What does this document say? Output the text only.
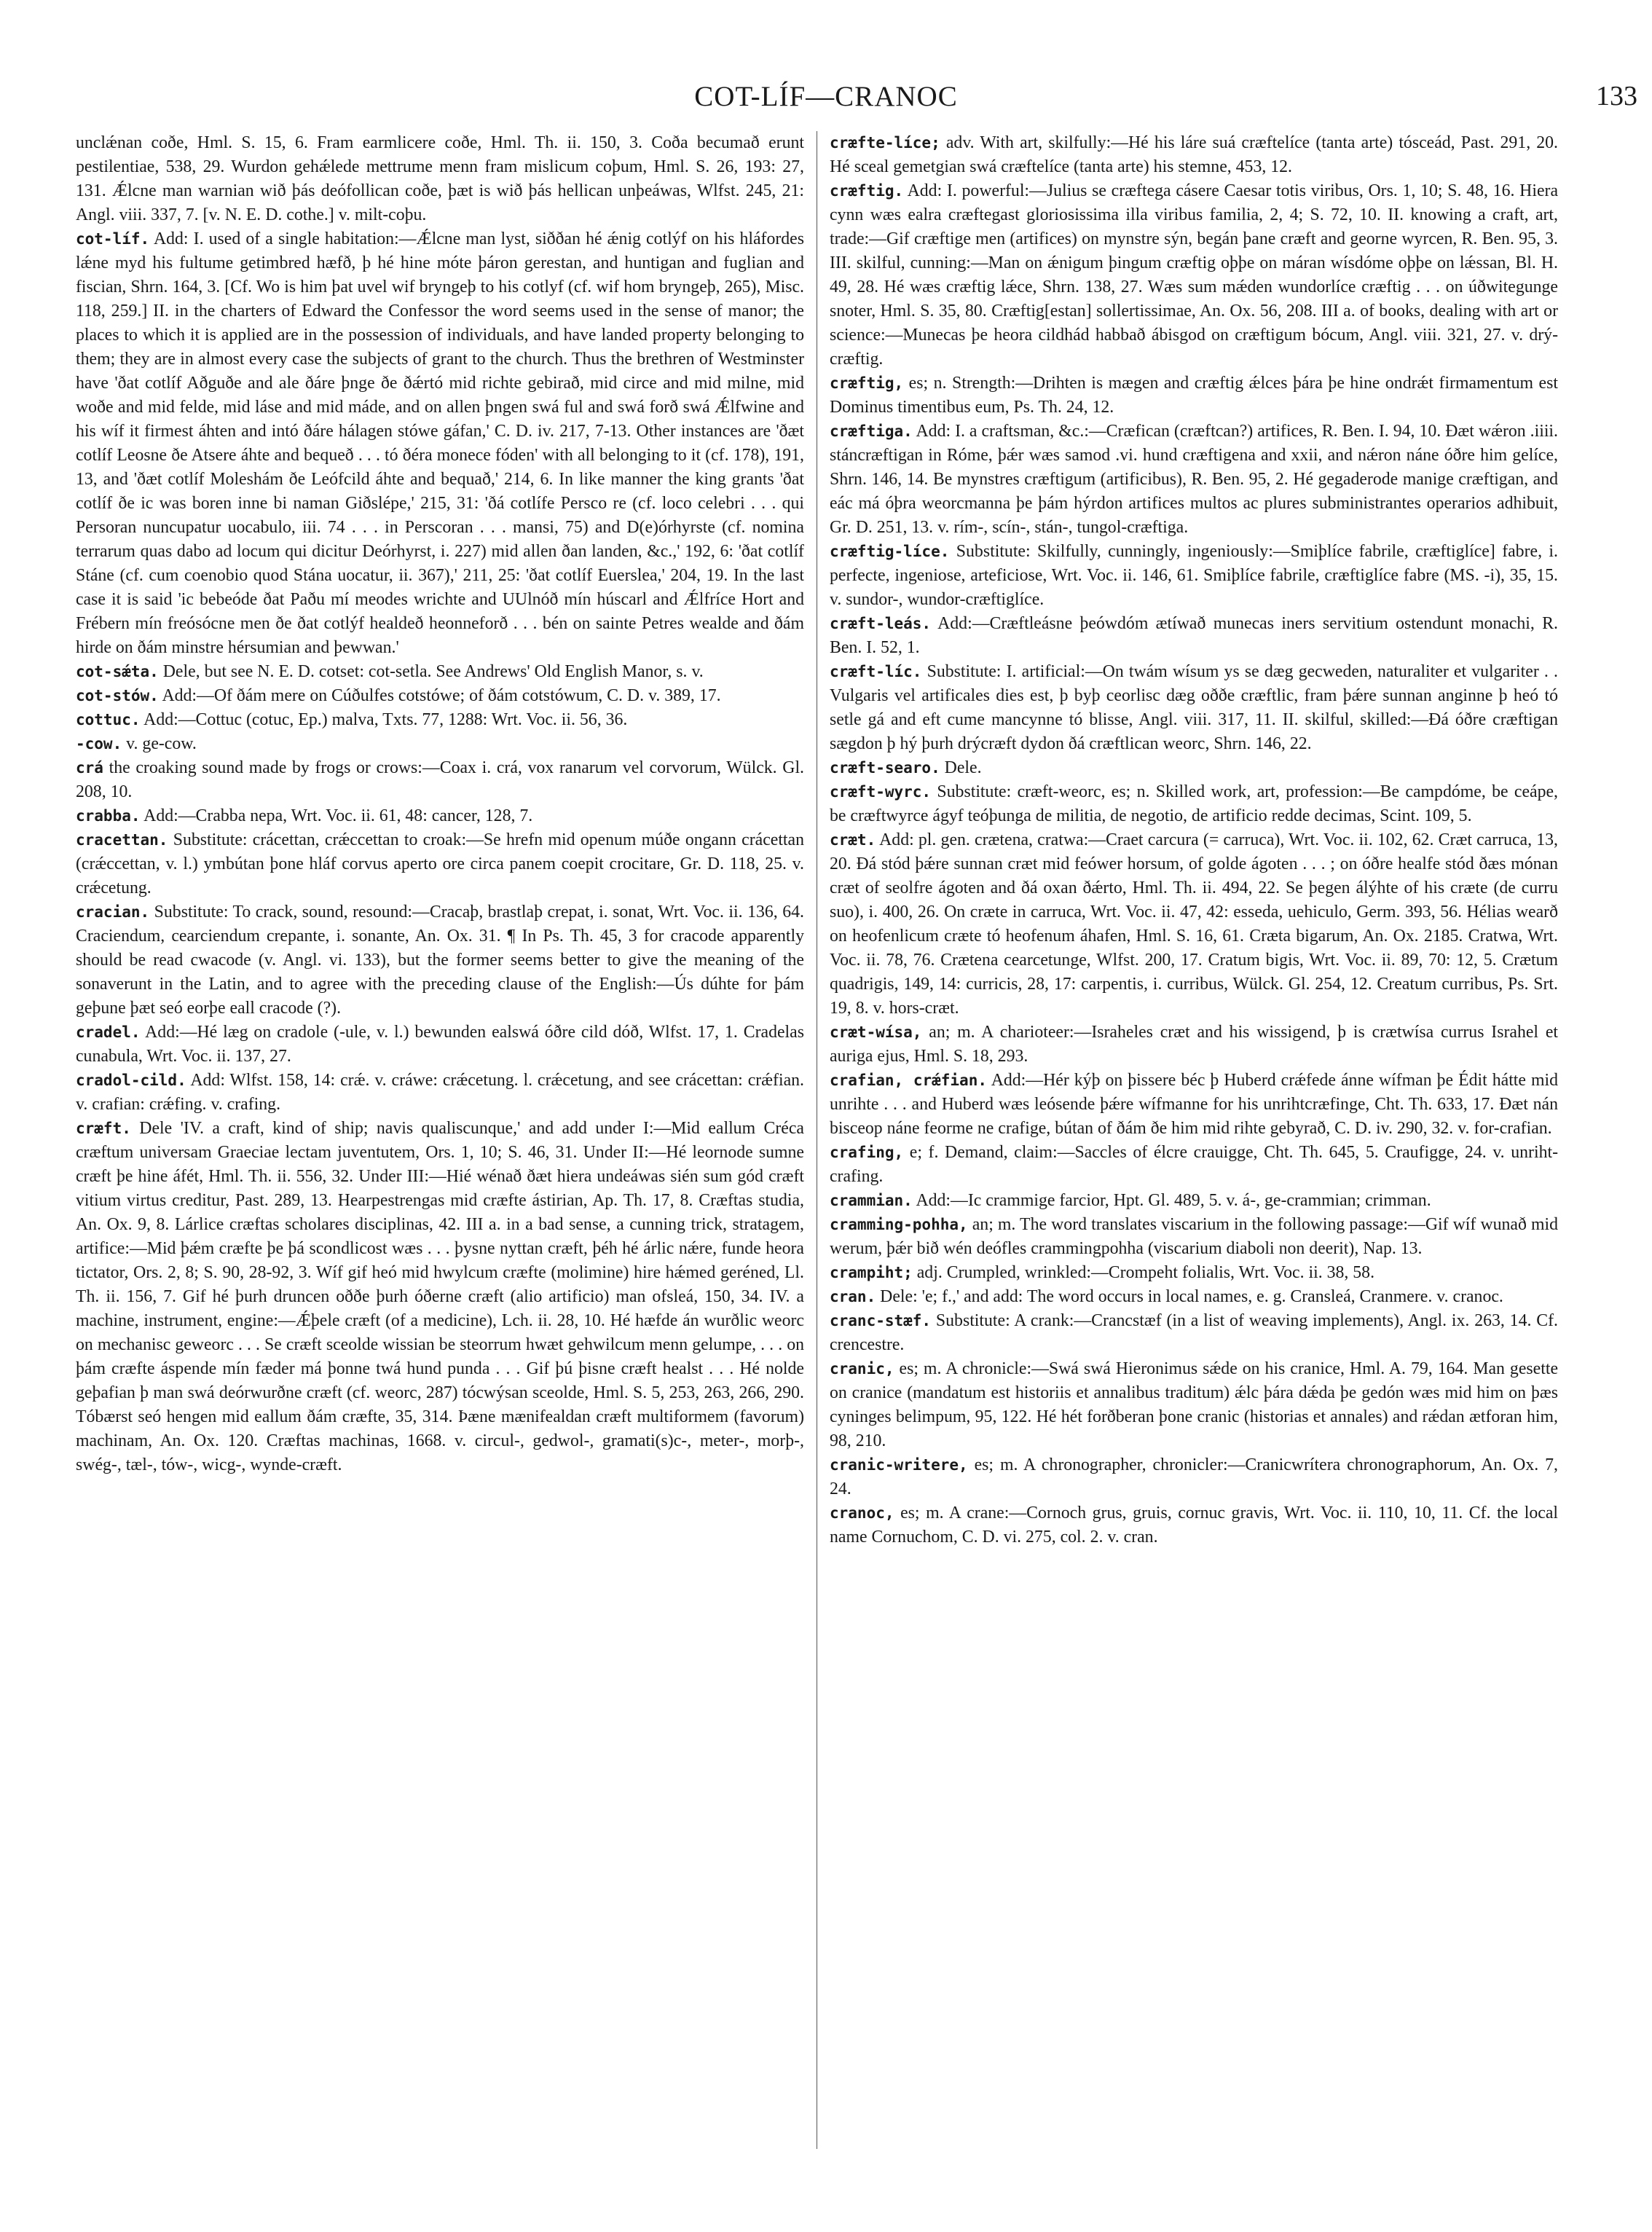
COT-LÍF—CRANOC	133

unclǽnan coðe, Hml. S. 15, 6. Fram earmlicere coðe, Hml. Th. ii. 150, 3. Coða becumað erunt pestilentiae, 538, 29. Wurdon gehǽlede mettrume menn fram mislicum coþum, Hml. S. 26, 193: 27, 131. Ǽlcne man warnian wið þás deófollican coðe, þæt is wið þás hellican unþeáwas, Wlfst. 245, 21: Angl. viii. 337, 7. [v. N. E. D. cothe.] v. milt-coþu.

cot-líf. Add: I. used of a single habitation:—Ǽlcne man lyst, siððan hé ǽnig cotlýf on his hláfordes lǽne myd his fultume getimbred hæfð, þ hé hine móte þáron gerestan, and huntigan and fuglian and fiscian, Shrn. 164, 3. [Cf. Wo is him þat uvel wif bryngeþ to his cotlyf (cf. wif hom bryngeþ, 265), Misc. 118, 259.] II. in the charters of Edward the Confessor the word seems used in the sense of manor; the places to which it is applied are in the possession of individuals, and have landed property belonging to them; they are in almost every case the subjects of grant to the church. Thus the brethren of Westminster have 'ðat cotlíf Aðguðe and ale ðáre þnge ðe ðǽrtó mid richte gebirað, mid circe and mid milne, mid woðe and mid felde, mid láse and mid máde, and on allen þngen swá ful and swá forð swá Ǽlfwine and his wíf it firmest áhten and intó ðáre hálagen stówe gáfan,' C. D. iv. 217, 7-13. Other instances are 'ðæt cotlíf Leosne ðe Atsere áhte and bequeð . . . tó ðéra monece fóden' with all belonging to it (cf. 178), 191, 13, and 'ðæt cotlíf Moleshám ðe Leófcild áhte and bequað,' 214, 6. In like manner the king grants 'ðat cotlíf ðe ic was boren inne bi naman Giðslépe,' 215, 31: 'ðá cotlífe Persco re (cf. loco celebri . . . qui Persoran nuncupatur uocabulo, iii. 74 . . . in Perscoran . . . mansi, 75) and D(e)órhyrste (cf. nomina terrarum quas dabo ad locum qui dicitur Deórhyrst, i. 227) mid allen ðan landen, &c.,' 192, 6: 'ðat cotlíf Stáne (cf. cum coenobio quod Stána uocatur, ii. 367),' 211, 25: 'ðat cotlíf Euerslea,' 204, 19. In the last case it is said 'ic bebeóde ðat Paðu mí meodes wrichte and UUlnóð mín húscarl and Ǽlfríce Hort and Frébern mín freósócne men ðe ðat cotlýf healdeð heonneforð . . . bén on sainte Petres wealde and ðám hirde on ðám minstre hérsumian and þewwan.'

cot-sǽta. Dele, but see N. E. D. cotset: cot-setla. See Andrews' Old English Manor, s. v.

cot-stów. Add:—Of ðám mere on Cúðulfes cotstówe; of ðám cotstówum, C. D. v. 389, 17.

cottuc. Add:—Cottuc (cotuc, Ep.) malva, Txts. 77, 1288: Wrt. Voc. ii. 56, 36.

-cow. v. ge-cow.

crá the croaking sound made by frogs or crows:—Coax i. crá, vox ranarum vel corvorum, Wülck. Gl. 208, 10.

crabba. Add:—Crabba nepa, Wrt. Voc. ii. 61, 48: cancer, 128, 7.

cracettan. Substitute: crácettan, crǽccettan to croak:—Se hrefn mid openum múðe ongann crácettan (crǽccettan, v. l.) ymbútan þone hláf corvus aperto ore circa panem coepit crocitare, Gr. D. 118, 25. v. crǽcetung.

cracian. Substitute: To crack, sound, resound:—Cracaþ, brastlaþ crepat, i. sonat, Wrt. Voc. ii. 136, 64. Craciendum, cearciendum crepante, i. sonante, An. Ox. 31. ¶ In Ps. Th. 45, 3 for cracode apparently should be read cwacode (v. Angl. vi. 133), but the former seems better to give the meaning of the sonaverunt in the Latin, and to agree with the preceding clause of the English:—Ús dúhte for þám geþune þæt seó eorþe eall cracode (?).

cradel. Add:—Hé læg on cradole (-ule, v. l.) bewunden ealswá óðre cild dóð, Wlfst. 17, 1. Cradelas cunabula, Wrt. Voc. ii. 137, 27.

cradol-cild. Add: Wlfst. 158, 14: crǽ. v. cráwe: crǽcetung. l. crǽcetung, and see crácettan: crǽfian. v. crafian: crǽfing. v. crafing.

cræft. Dele 'IV. a craft, kind of ship; navis qualiscunque,' and add under I:—Mid eallum Créca cræftum universam Graeciae lectam juventutem, Ors. 1, 10; S. 46, 31. Under II:—Hé leornode sumne cræft þe hine áfét, Hml. Th. ii. 556, 32. Under III:—Hié wénað ðæt hiera undeáwas sién sum gód cræft vitium virtus creditur, Past. 289, 13. Hearpestrengas mid cræfte ástirian, Ap. Th. 17, 8. Cræftas studia, An. Ox. 9, 8. Lárlice cræftas scholares disciplinas, 42. III a. in a bad sense, a cunning trick, stratagem, artifice:—Mid þǽm cræfte þe þá scondlicost wæs . . . þysne nyttan cræft, þéh hé árlic nǽre, funde heora tictator, Ors. 2, 8; S. 90, 28-92, 3. Wíf gif heó mid hwylcum cræfte (molimine) hire hǽmed geréned, Ll. Th. ii. 156, 7. Gif hé þurh druncen oððe þurh óðerne cræft (alio artificio) man ofsleá, 150, 34. IV. a machine, instrument, engine:—Ǽþele cræft (of a medicine), Lch. ii. 28, 10. Hé hæfde án wurðlic weorc on mechanisc geweorc . . . Se cræft sceolde wissian be steorrum hwæt gehwilcum menn gelumpe, . . . on þám cræfte áspende mín fæder má þonne twá hund punda . . . Gif þú þisne cræft healst . . . Hé nolde geþafian þ man swá deórwurðne cræft (cf. weorc, 287) tócwýsan sceolde, Hml. S. 5, 253, 263, 266, 290. Tóbærst seó hengen mid eallum ðám cræfte, 35, 314. Þæne mænifealdan cræft multiformem (favorum) machinam, An. Ox. 120. Cræftas machinas, 1668. v. circul-, gedwol-, gramati(s)c-, meter-, morþ-, swég-, tæl-, tów-, wicg-, wynde-cræft.

cræfte-líce; adv. With art, skilfully:—Hé his láre suá cræftelíce (tanta arte) tósceád, Past. 291, 20. Hé sceal gemetgian swá cræftelíce (tanta arte) his stemne, 453, 12.

cræftig. Add: I. powerful:—Julius se cræftega cásere Caesar totis viribus, Ors. 1, 10; S. 48, 16. Hiera cynn wæs ealra cræftegast gloriosissima illa viribus familia, 2, 4; S. 72, 10. II. knowing a craft, art, trade:—Gif cræftige men (artifices) on mynstre sýn, begán þane cræft and georne wyrcen, R. Ben. 95, 3. III. skilful, cunning:—Man on ǽnigum þingum cræftig oþþe on máran wísdóme oþþe on lǽssan, Bl. H. 49, 28. Hé wæs cræftig lǽce, Shrn. 138, 27. Wæs sum mǽden wundorlíce cræftig . . . on úðwitegunge snoter, Hml. S. 35, 80. Cræftig[estan] sollertissimae, An. Ox. 56, 208. III a. of books, dealing with art or science:—Munecas þe heora cildhád habbað ábisgod on cræftigum bócum, Angl. viii. 321, 27. v. drý-cræftig.

cræftig, es; n. Strength:—Drihten is mægen and cræftig ǽlces þára þe hine ondrǽt firmamentum est Dominus timentibus eum, Ps. Th. 24, 12.

cræftiga. Add: I. a craftsman, &c.:—Cræfican (cræftcan?) artifices, R. Ben. I. 94, 10. Ðæt wǽron .iiii. stáncræftigan in Róme, þǽr wæs samod .vi. hund cræftigena and xxii, and nǽron náne óðre him gelíce, Shrn. 146, 14. Be mynstres cræftigum (artificibus), R. Ben. 95, 2. Hé gegaderode manige cræftigan, and eác má óþra weorcmanna þe þám hýrdon artifices multos ac plures subministrantes operarios adhibuit, Gr. D. 251, 13. v. rím-, scín-, stán-, tungol-cræftiga.

cræftig-líce. Substitute: Skilfully, cunningly, ingeniously:—Smiþlíce fabrile, cræftiglíce] fabre, i. perfecte, ingeniose, arteficiose, Wrt. Voc. ii. 146, 61. Smiþlíce fabrile, cræftiglíce fabre (MS. -i), 35, 15. v. sundor-, wundor-cræftiglíce.

cræft-leás. Add:—Cræftleásne þeówdóm ætíwað munecas iners servitium ostendunt monachi, R. Ben. I. 52, 1.

cræft-líc. Substitute: I. artificial:—On twám wísum ys se dæg gecweden, naturaliter et vulgariter . . Vulgaris vel artificales dies est, þ byþ ceorlisc dæg oððe cræftlic, fram þǽre sunnan anginne þ heó tó setle gá and eft cume mancynne tó blisse, Angl. viii. 317, 11. II. skilful, skilled:—Ðá óðre cræftigan sægdon þ hý þurh drýcræft dydon ðá cræftlican weorc, Shrn. 146, 22.

cræft-searo. Dele.

cræft-wyrc. Substitute: cræft-weorc, es; n. Skilled work, art, profession:—Be campdóme, be ceápe, be cræftwyrce ágyf teóþunga de militia, de negotio, de artificio redde decimas, Scint. 109, 5.

cræt. Add: pl. gen. crætena, cratwa:—Craet carcura (= carruca), Wrt. Voc. ii. 102, 62. Cræt carruca, 13, 20. Ðá stód þǽre sunnan cræt mid feówer horsum, of golde ágoten . . . ; on óðre healfe stód ðæs mónan cræt of seolfre ágoten and ðá oxan ðǽrto, Hml. Th. ii. 494, 22. Se þegen álýhte of his cræte (de curru suo), i. 400, 26. On cræte in carruca, Wrt. Voc. ii. 47, 42: esseda, uehiculo, Germ. 393, 56. Hélias wearð on heofenlicum cræte tó heofenum áhafen, Hml. S. 16, 61. Cræta bigarum, An. Ox. 2185. Cratwa, Wrt. Voc. ii. 78, 76. Crætena cearcetunge, Wlfst. 200, 17. Cratum bigis, Wrt. Voc. ii. 89, 70: 12, 5. Crætum quadrigis, 149, 14: curricis, 28, 17: carpentis, i. curribus, Wülck. Gl. 254, 12. Creatum curribus, Ps. Srt. 19, 8. v. hors-cræt.

cræt-wísa, an; m. A charioteer:—Israheles cræt and his wissigend, þ is crætwísa currus Israhel et auriga ejus, Hml. S. 18, 293.

crafian, crǽfian. Add:—Hér kýþ on þissere béc þ Huberd crǽfede ánne wífman þe Édit hátte mid unrihte . . . and Huberd wæs leósende þǽre wífmanne for his unrihtcræfinge, Cht. Th. 633, 17. Ðæt nán bisceop náne feorme ne crafige, bútan of ðám ðe him mid rihte gebyrað, C. D. iv. 290, 32. v. for-crafian.

crafing, e; f. Demand, claim:—Saccles of élcre crauigge, Cht. Th. 645, 5. Craufigge, 24. v. unriht-crafing.

crammian. Add:—Ic crammige farcior, Hpt. Gl. 489, 5. v. á-, ge-crammian; crimman.

cramming-pohha, an; m. The word translates viscarium in the following passage:—Gif wíf wunað mid werum, þǽr bið wén deófles crammingpohha (viscarium diaboli non deerit), Nap. 13.

crampiht; adj. Crumpled, wrinkled:—Crompeht folialis, Wrt. Voc. ii. 38, 58.

cran. Dele: 'e; f.,' and add: The word occurs in local names, e. g. Cransleá, Cranmere. v. cranoc.

cranc-stæf. Substitute: A crank:—Crancstæf (in a list of weaving implements), Angl. ix. 263, 14. Cf. crencestre.

cranic, es; m. A chronicle:—Swá swá Hieronimus sǽde on his cranice, Hml. A. 79, 164. Man gesette on cranice (mandatum est historiis et annalibus traditum) ǽlc þára dǽda þe gedón wæs mid him on þæs cyninges belimpum, 95, 122. Hé hét forðberan þone cranic (historias et annales) and rǽdan ætforan him, 98, 210.

cranic-writere, es; m. A chronographer, chronicler:—Cranicwrítera chronographorum, An. Ox. 7, 24.

cranoc, es; m. A crane:—Cornoch grus, gruis, cornuc gravis, Wrt. Voc. ii. 110, 10, 11. Cf. the local name Cornuchom, C. D. vi. 275, col. 2. v. cran.
